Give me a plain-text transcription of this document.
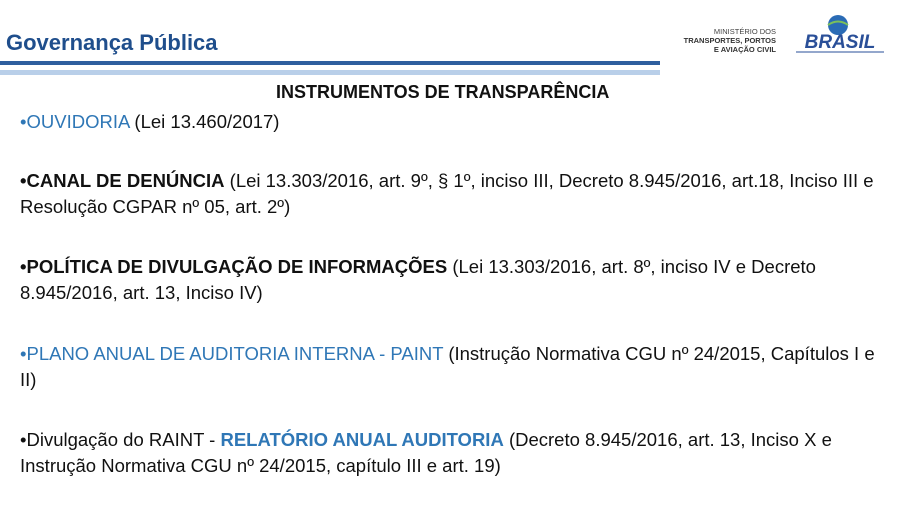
Governança Pública	MINISTÉRIO DOS
TRANSPORTES, PORTOS
E AVIAÇÃO CIVIL BRASIL
INSTRUMENTOS DE TRANSPARÊNCIA
•OUVIDORIA (Lei 13.460/2017)
•CANAL DE DENÚNCIA (Lei 13.303/2016, art. 9º, § 1º, inciso III, Decreto 8.945/2016, art.18, Inciso III e Resolução CGPAR nº 05, art. 2º)
•POLÍTICA DE DIVULGAÇÃO DE INFORMAÇÕES (Lei 13.303/2016, art. 8º, inciso IV e Decreto 8.945/2016, art. 13, Inciso IV)
•PLANO ANUAL DE AUDITORIA INTERNA - PAINT (Instrução Normativa CGU nº 24/2015, Capítulos I e II)
•Divulgação do RAINT - RELATÓRIO ANUAL AUDITORIA (Decreto 8.945/2016, art. 13, Inciso X e Instrução Normativa CGU nº 24/2015, capítulo III e art. 19)
